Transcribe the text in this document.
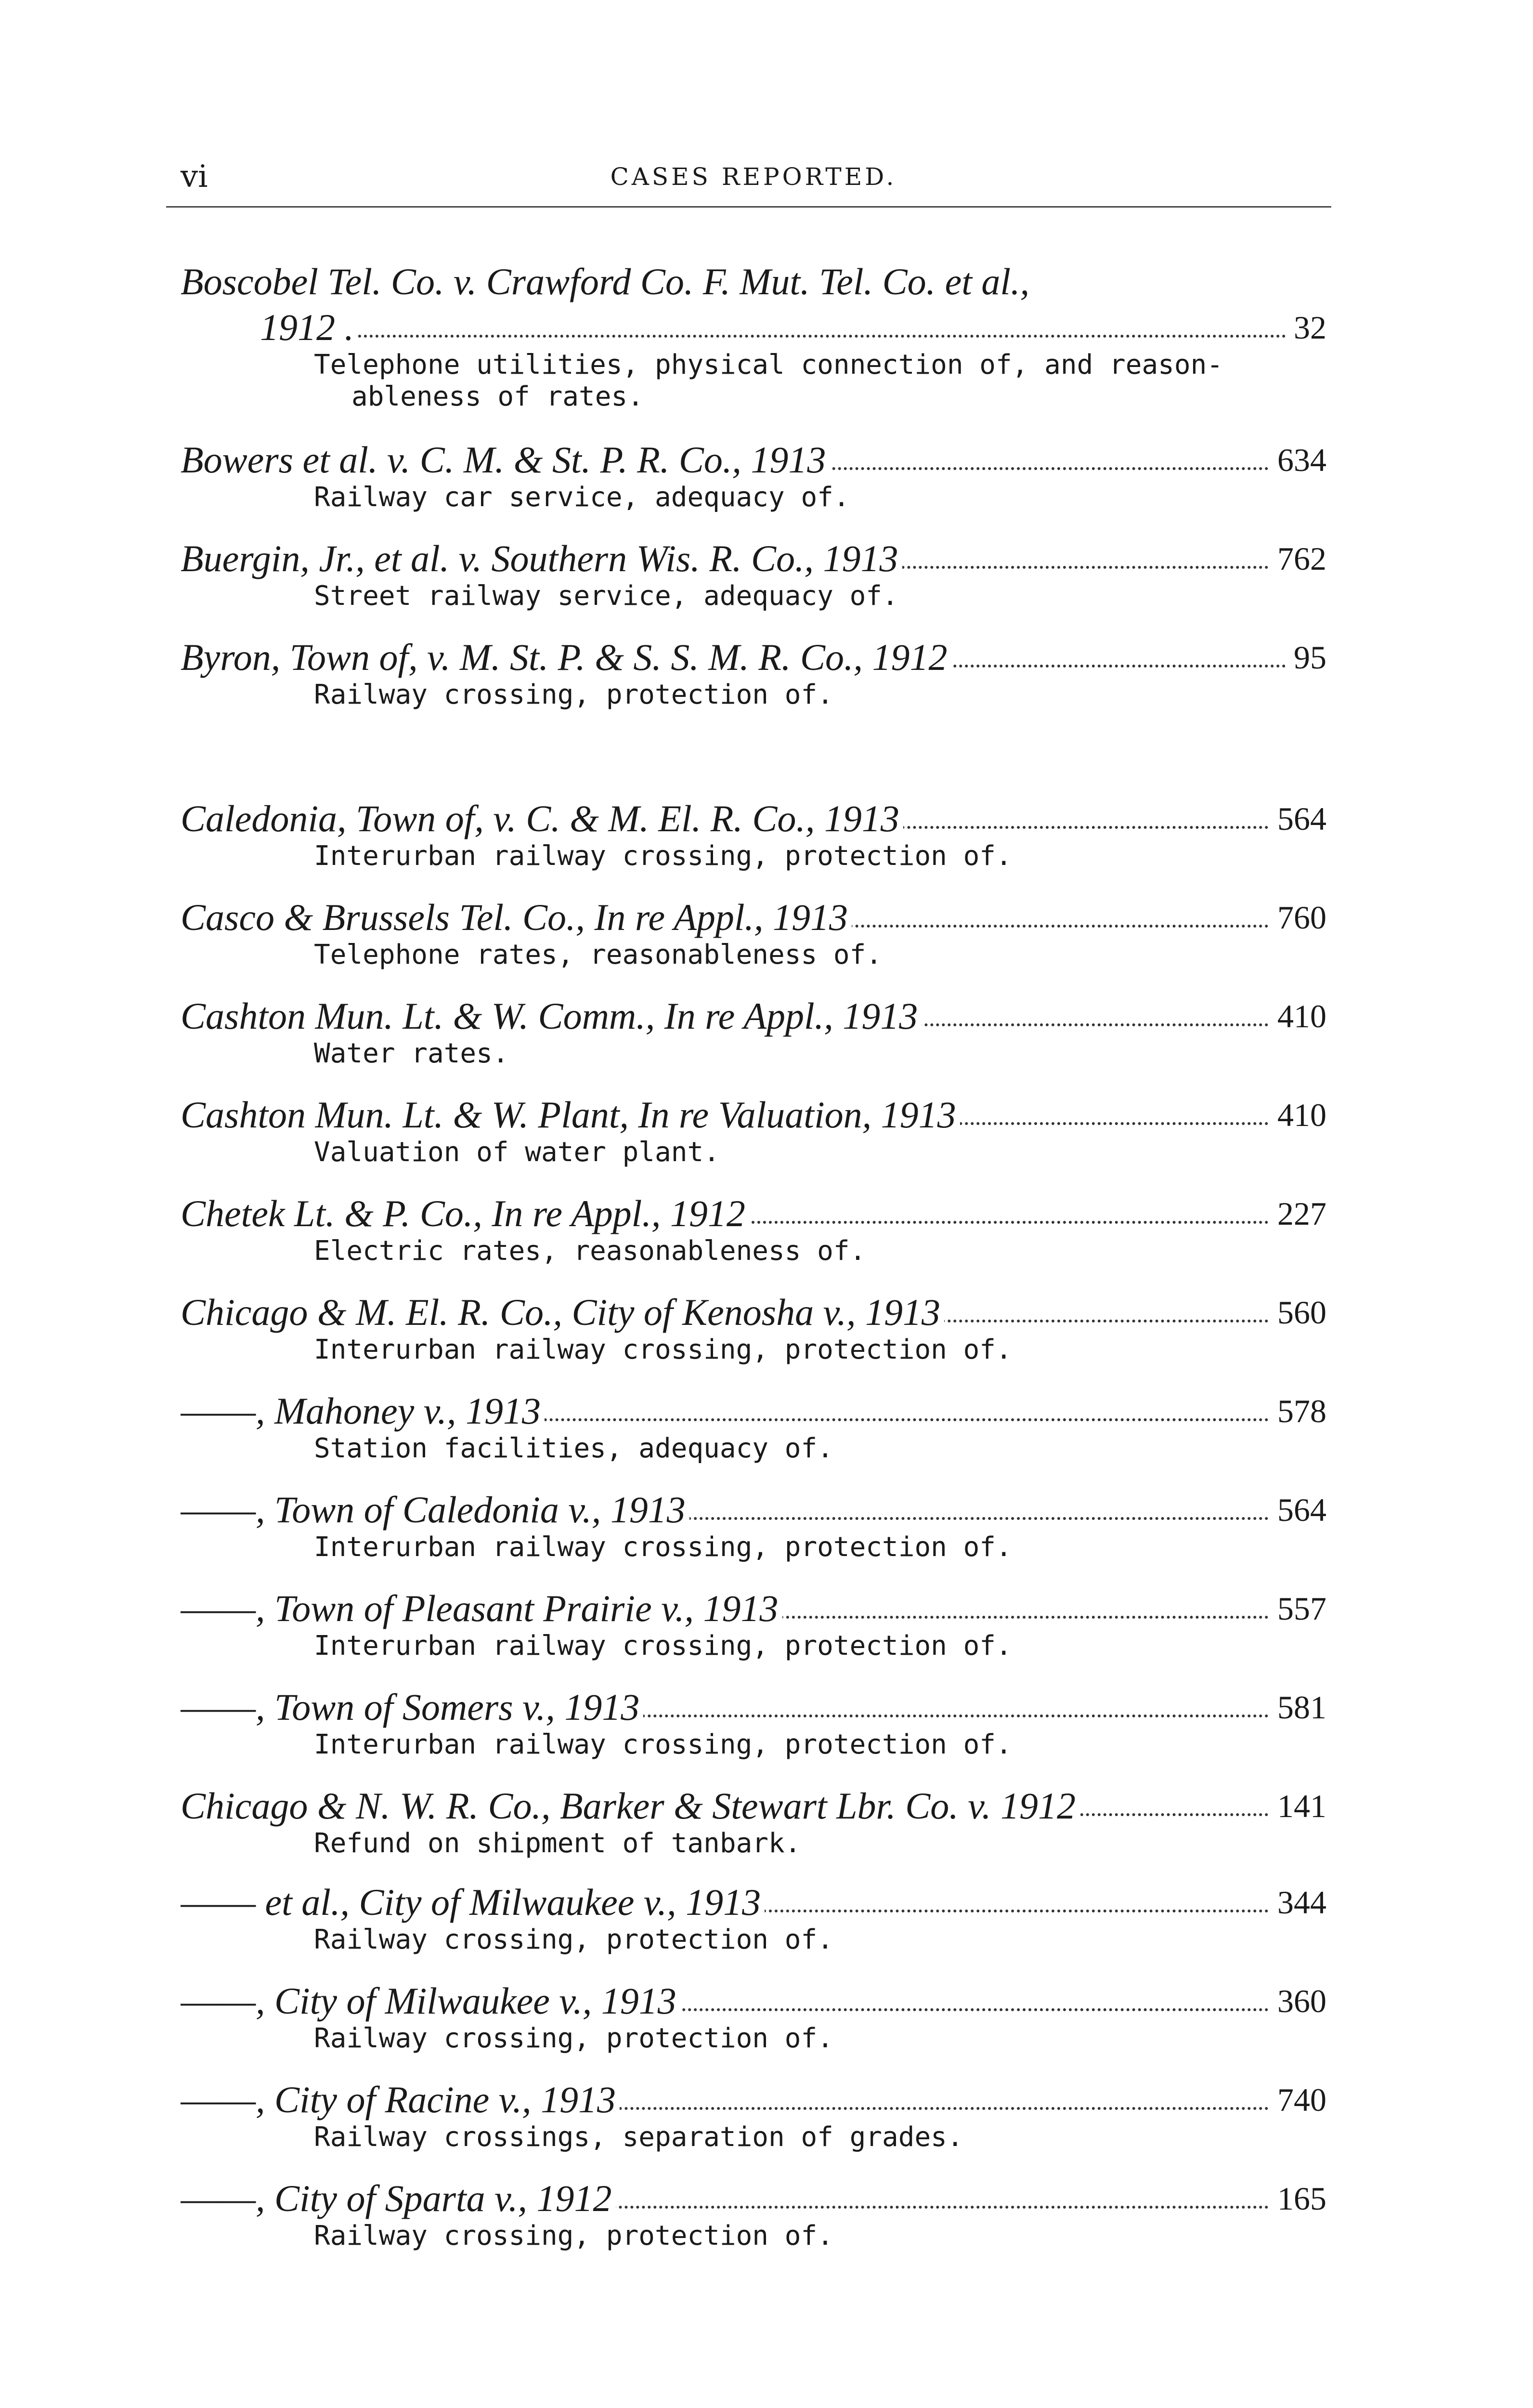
vi	CASES REPORTED.
Boscobel Tel. Co. v. Crawford Co. F. Mut. Tel. Co. et al.,
1912 .	32
Telephone utilities, physical connection of, and reason-
ableness of rates.
Bowers et al. v. C. M. & St. P. R. Co., 1913	634
Railway car service, adequacy of.
Buergin, Jr., et al. v. Southern Wis. R. Co., 1913	762
Street railway service, adequacy of.
Byron, Town of, v. M. St. P. & S. S. M. R. Co., 1912	95
Railway crossing, protection of.
Caledonia, Town of, v. C. & M. El. R. Co., 1913	564
Interurban railway crossing, protection of.
Casco & Brussels Tel. Co., In re Appl., 1913	760
Telephone rates, reasonableness of.
Cashton Mun. Lt. & W. Comm., In re Appl., 1913	410
Water rates.
Cashton Mun. Lt. & W. Plant, In re Valuation, 1913	410
Valuation of water plant.
Chetek Lt. & P. Co., In re Appl., 1912	227
Electric rates, reasonableness of.
Chicago & M. El. R. Co., City of Kenosha v., 1913	560
Interurban railway crossing, protection of.
——, Mahoney v., 1913	578
Station facilities, adequacy of.
——, Town of Caledonia v., 1913	564
Interurban railway crossing, protection of.
——, Town of Pleasant Prairie v., 1913	557
Interurban railway crossing, protection of.
——, Town of Somers v., 1913	581
Interurban railway crossing, protection of.
Chicago & N. W. R. Co., Barker & Stewart Lbr. Co. v. 1912	141
Refund on shipment of tanbark.
—— et al., City of Milwaukee v., 1913	344
Railway crossing, protection of.
——, City of Milwaukee v., 1913	360
Railway crossing, protection of.
——, City of Racine v., 1913	740
Railway crossings, separation of grades.
——, City of Sparta v., 1912	165
Railway crossing, protection of.
